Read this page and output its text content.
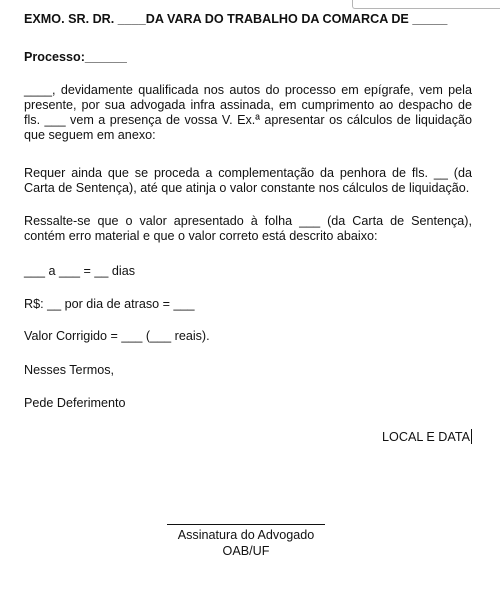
EXMO. SR. DR. ____DA VARA DO TRABALHO DA COMARCA DE _____

Processo:______

____, devidamente qualificada nos autos do processo em epígrafe, vem pela presente, por sua advogada infra assinada, em cumprimento ao despacho de fls. ___ vem a presença de vossa V. Ex.ª apresentar os cálculos de liquidação que seguem em anexo:

Requer ainda que se proceda a complementação da penhora de fls. __ (da Carta de Sentença), até que atinja o valor constante nos cálculos de liquidação.

Ressalte-se que o valor apresentado à folha ___ (da Carta de Sentença), contém erro material e que o valor correto está descrito abaixo:

___ a ___ = __ dias

R$: __ por dia de atraso = ___

Valor Corrigido = ___ (___ reais).

Nesses Termos,

Pede Deferimento

LOCAL E DATA
Assinatura do Advogado
OAB/UF
